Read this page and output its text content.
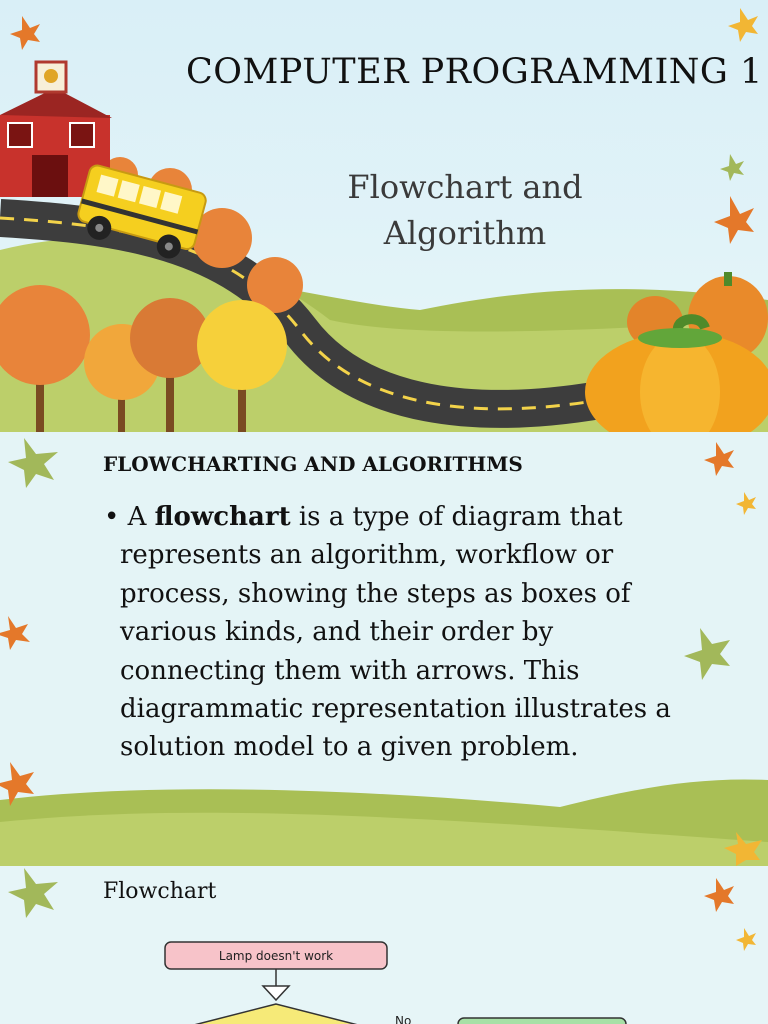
COMPUTER PROGRAMMING 1
Flowchart and
Algorithm
FLOWCHARTING AND ALGORITHMS
• A flowchart is a type of diagram that represents an algorithm, workflow or process, showing the steps as boxes of various kinds, and their order by connecting them with arrows. This diagrammatic representation illustrates a solution model to a given problem.
Lamp doesn't work
No
Flowchart
